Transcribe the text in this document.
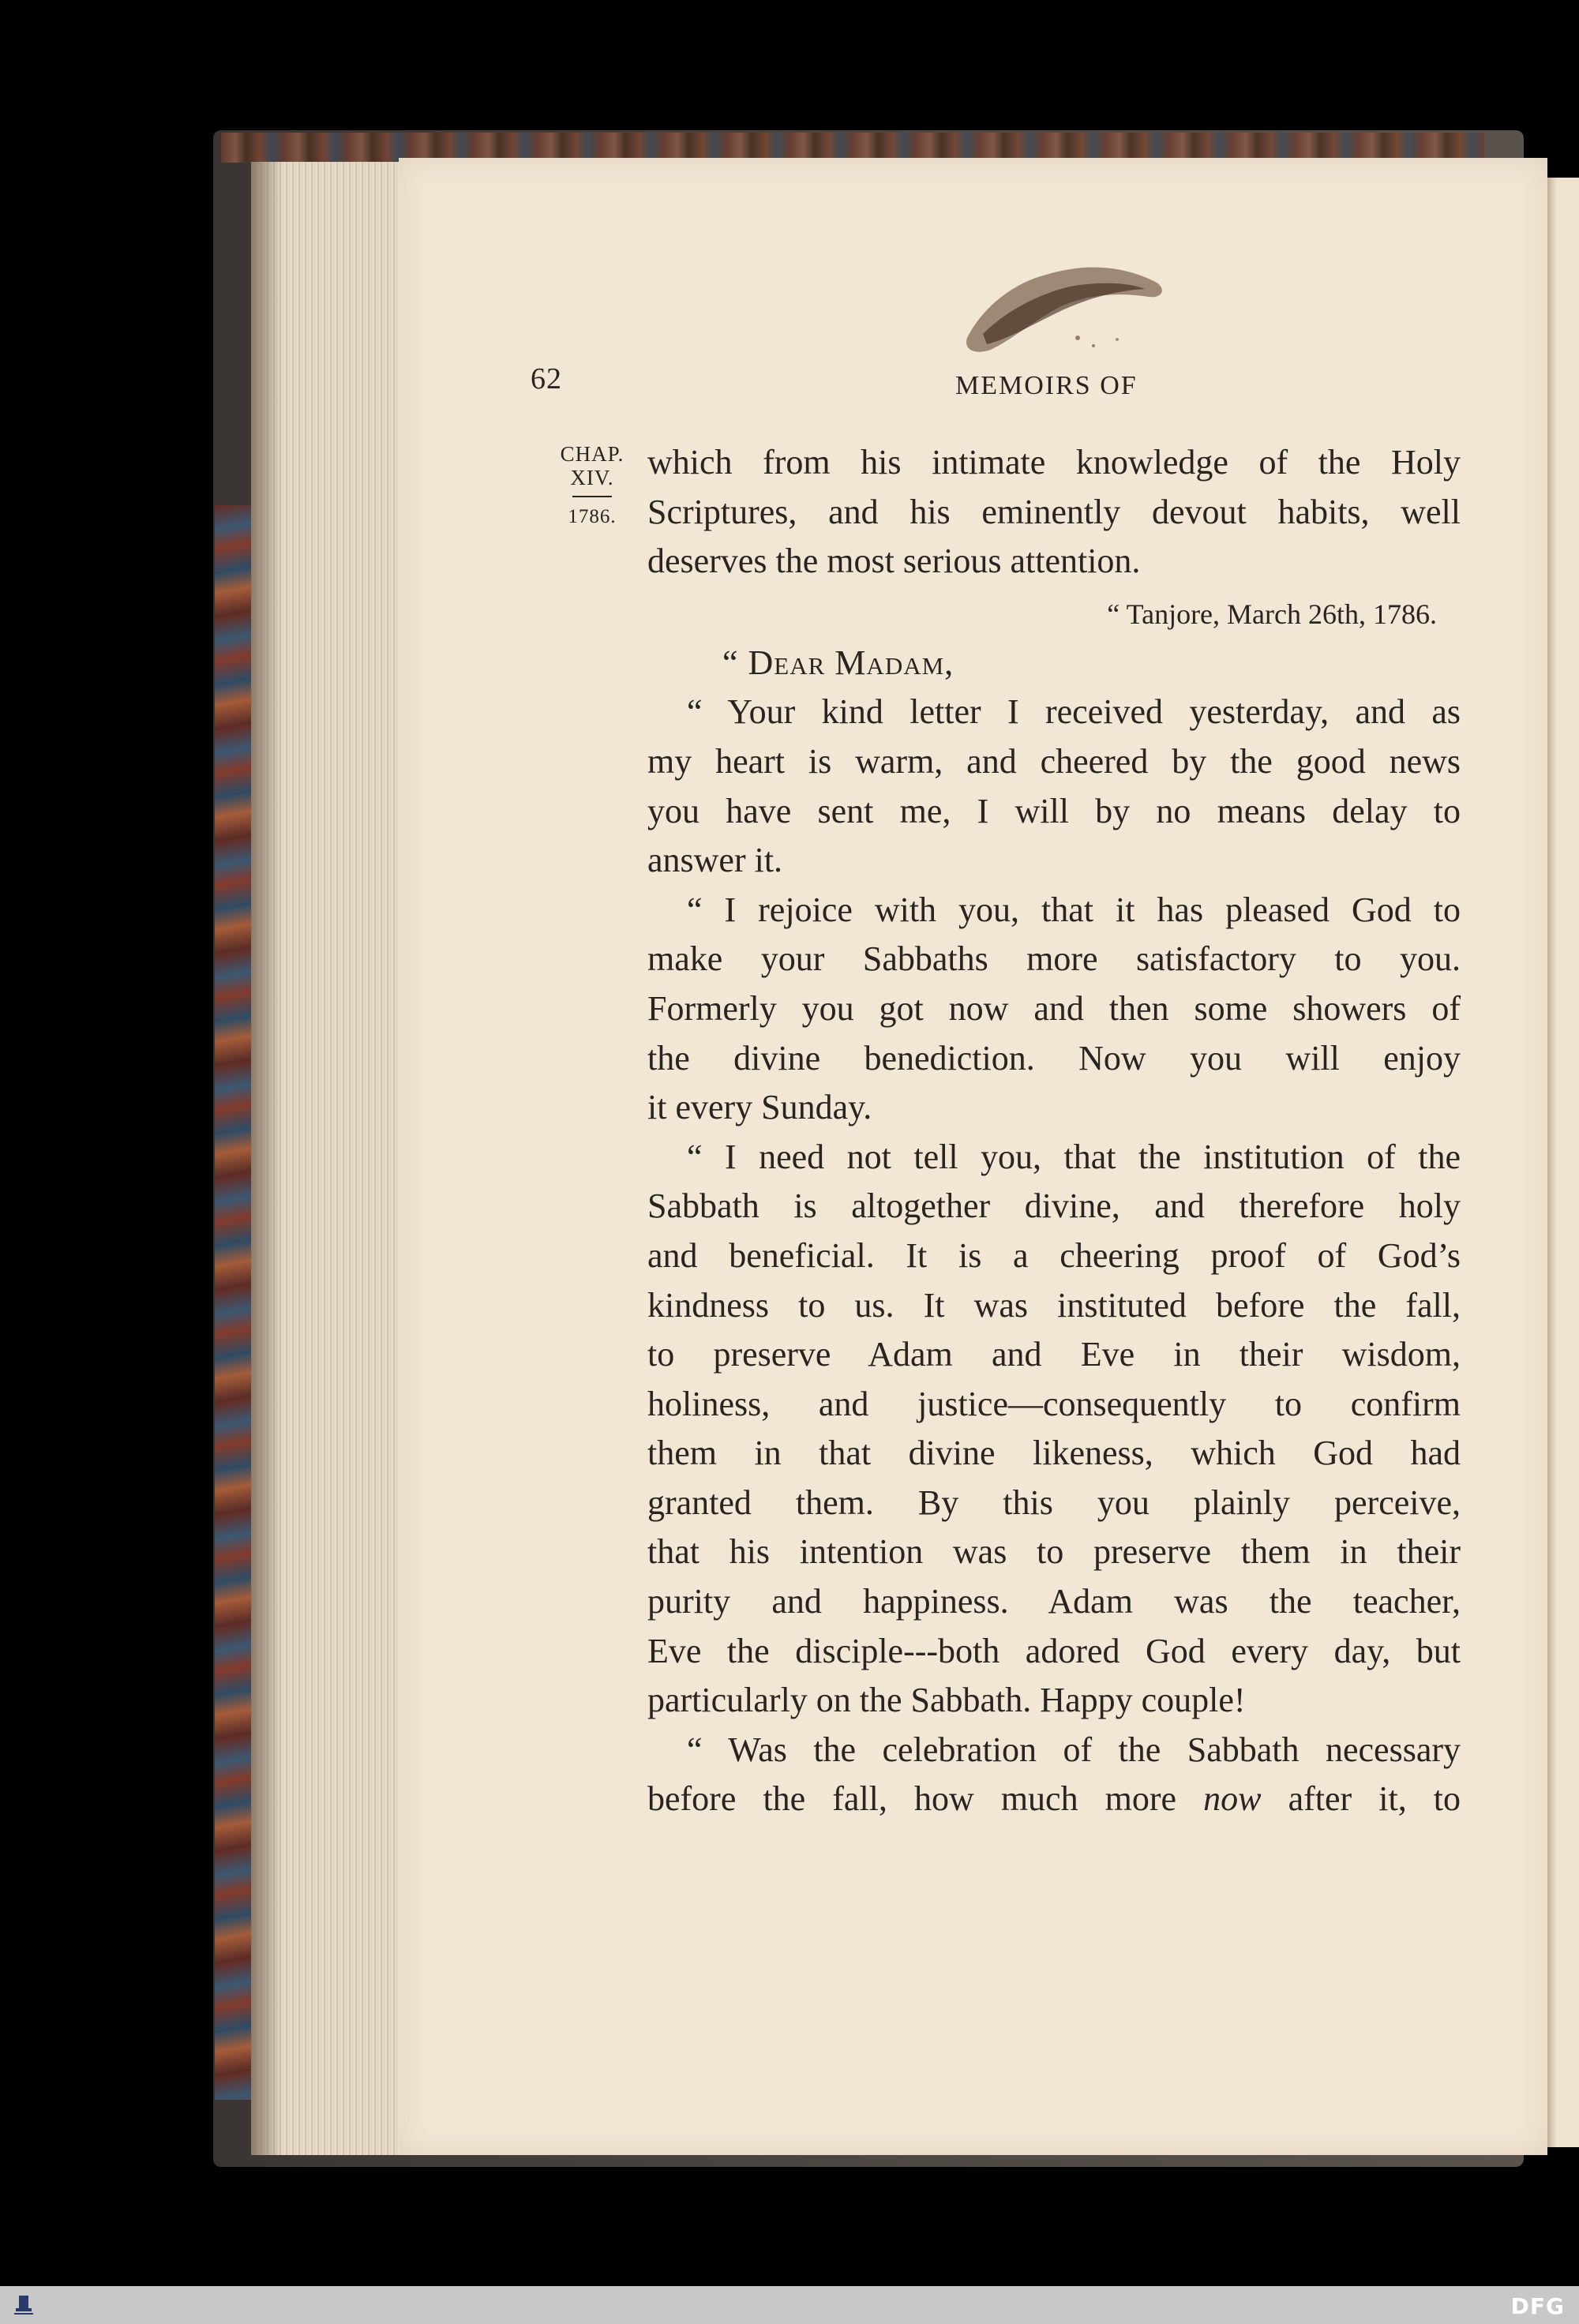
62	MEMOIRS OF
CHAP.
XIV.
1786.
which from his intimate knowledge of the Holy
Scriptures, and his eminently devout habits, well
deserves the most serious attention.
“ Tanjore, March 26th, 1786.
“ Dear Madam,
“ Your kind letter I received yesterday, and as
my heart is warm, and cheered by the good news
you have sent me, I will by no means delay to
answer it.
“ I rejoice with you, that it has pleased God to
make your Sabbaths more satisfactory to you.
Formerly you got now and then some showers of
the divine benediction. Now you will enjoy
it every Sunday.
“ I need not tell you, that the institution of the
Sabbath is altogether divine, and therefore holy
and beneficial. It is a cheering proof of God’s
kindness to us. It was instituted before the fall,
to preserve Adam and Eve in their wisdom,
holiness, and justice—consequently to confirm
them in that divine likeness, which God had
granted them. By this you plainly perceive,
that his intention was to preserve them in their
purity and happiness. Adam was the teacher,
Eve the disciple---both adored God every day, but
particularly on the Sabbath. Happy couple!
“ Was the celebration of the Sabbath necessary
before the fall, how much more now after it, to
DFG
